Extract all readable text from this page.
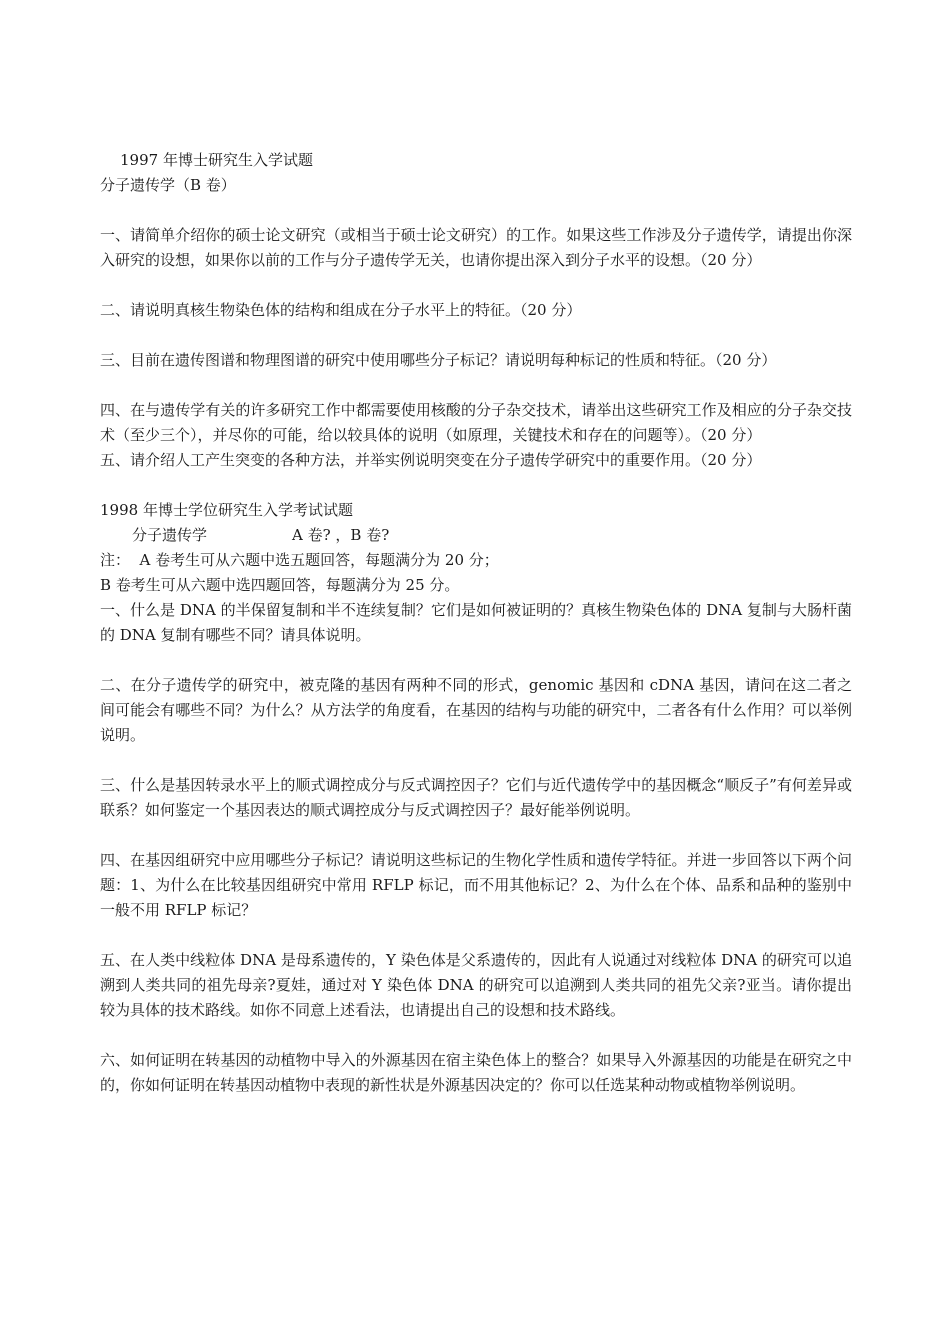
1997 年博士研究生入学试题
分子遗传学（B 卷）

一、请简单介绍你的硕士论文研究（或相当于硕士论文研究）的工作。如果这些工作涉及分子遗传学，请提出你深入研究的设想，如果你以前的工作与分子遗传学无关，也请你提出深入到分子水平的设想。（20 分）

二、请说明真核生物染色体的结构和组成在分子水平上的特征。（20 分）

三、目前在遗传图谱和物理图谱的研究中使用哪些分子标记？请说明每种标记的性质和特征。（20 分）

四、在与遗传学有关的许多研究工作中都需要使用核酸的分子杂交技术，请举出这些研究工作及相应的分子杂交技术（至少三个），并尽你的可能，给以较具体的说明（如原理，关键技术和存在的问题等）。（20 分）

五、请介绍人工产生突变的各种方法，并举实例说明突变在分子遗传学研究中的重要作用。（20 分）

1998 年博士学位研究生入学考试试题
分子遗传学	A 卷? ，B 卷?
注：  A 卷考生可从六题中选五题回答，每题满分为 20 分；
B 卷考生可从六题中选四题回答，每题满分为 25 分。

一、什么是 DNA 的半保留复制和半不连续复制？它们是如何被证明的？真核生物染色体的 DNA 复制与大肠杆菌的 DNA 复制有哪些不同？请具体说明。

二、在分子遗传学的研究中，被克隆的基因有两种不同的形式，genomic 基因和 cDNA 基因，请问在这二者之间可能会有哪些不同？为什么？从方法学的角度看，在基因的结构与功能的研究中，二者各有什么作用？可以举例说明。

三、什么是基因转录水平上的顺式调控成分与反式调控因子？它们与近代遗传学中的基因概念“顺反子”有何差异或联系？如何鉴定一个基因表达的顺式调控成分与反式调控因子？最好能举例说明。

四、在基因组研究中应用哪些分子标记？请说明这些标记的生物化学性质和遗传学特征。并进一步回答以下两个问题：1、为什么在比较基因组研究中常用 RFLP 标记，而不用其他标记？2、为什么在个体、品系和品种的鉴别中一般不用 RFLP 标记？

五、在人类中线粒体 DNA 是母系遗传的，Y 染色体是父系遗传的，因此有人说通过对线粒体 DNA 的研究可以追溯到人类共同的祖先母亲?夏娃，通过对 Y 染色体 DNA 的研究可以追溯到人类共同的祖先父亲?亚当。请你提出较为具体的技术路线。如你不同意上述看法，也请提出自己的设想和技术路线。

六、如何证明在转基因的动植物中导入的外源基因在宿主染色体上的整合？如果导入外源基因的功能是在研究之中的，你如何证明在转基因动植物中表现的新性状是外源基因决定的？你可以任选某种动物或植物举例说明。
